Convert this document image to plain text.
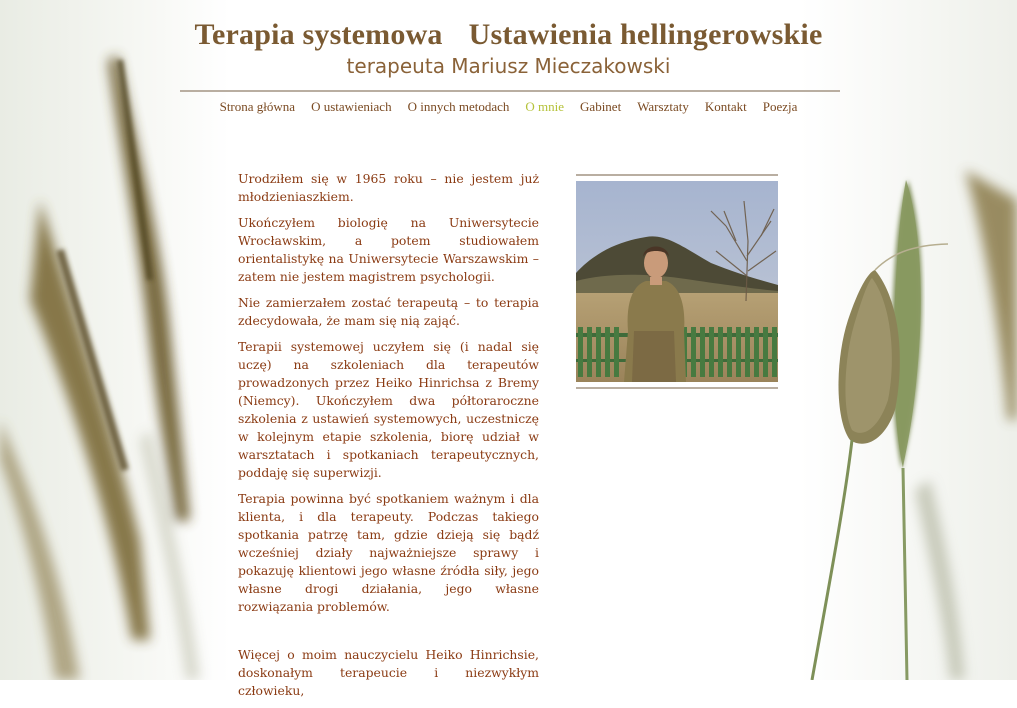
Terapia systemowa Ustawienia hellingerowskie
terapeuta Mariusz Mieczakowski
Strona główna O ustawieniach O innych metodach O mnie Gabinet Warsztaty Kontakt Poezja

Urodziłem się w 1965 roku – nie jestem już młodzieniaszkiem.

Ukończyłem biologię na Uniwersytecie Wrocławskim, a potem studiowałem orientalistykę na Uniwersytecie Warszawskim – zatem nie jestem magistrem psychologii.

Nie zamierzałem zostać terapeutą – to terapia zdecydowała, że mam się nią zająć.

Terapii systemowej uczyłem się (i nadal się uczę) na szkoleniach dla terapeutów prowadzonych przez Heiko Hinrichsa z Bremy (Niemcy). Ukończyłem dwa półtoraroczne szkolenia z ustawień systemowych, uczestniczę w kolejnym etapie szkolenia, biorę udział w warsztatach i spotkaniach terapeutycznych, poddaję się superwizji.

Terapia powinna być spotkaniem ważnym i dla klienta, i dla terapeuty. Podczas takiego spotkania patrzę tam, gdzie dzieją się bądź wcześniej działy najważniejsze sprawy i pokazuję klientowi jego własne źródła siły, jego własne drogi działania, jego własne rozwiązania problemów.

Więcej o moim nauczycielu Heiko Hinrichsie, doskonałym terapeucie i niezwykłym człowieku,
